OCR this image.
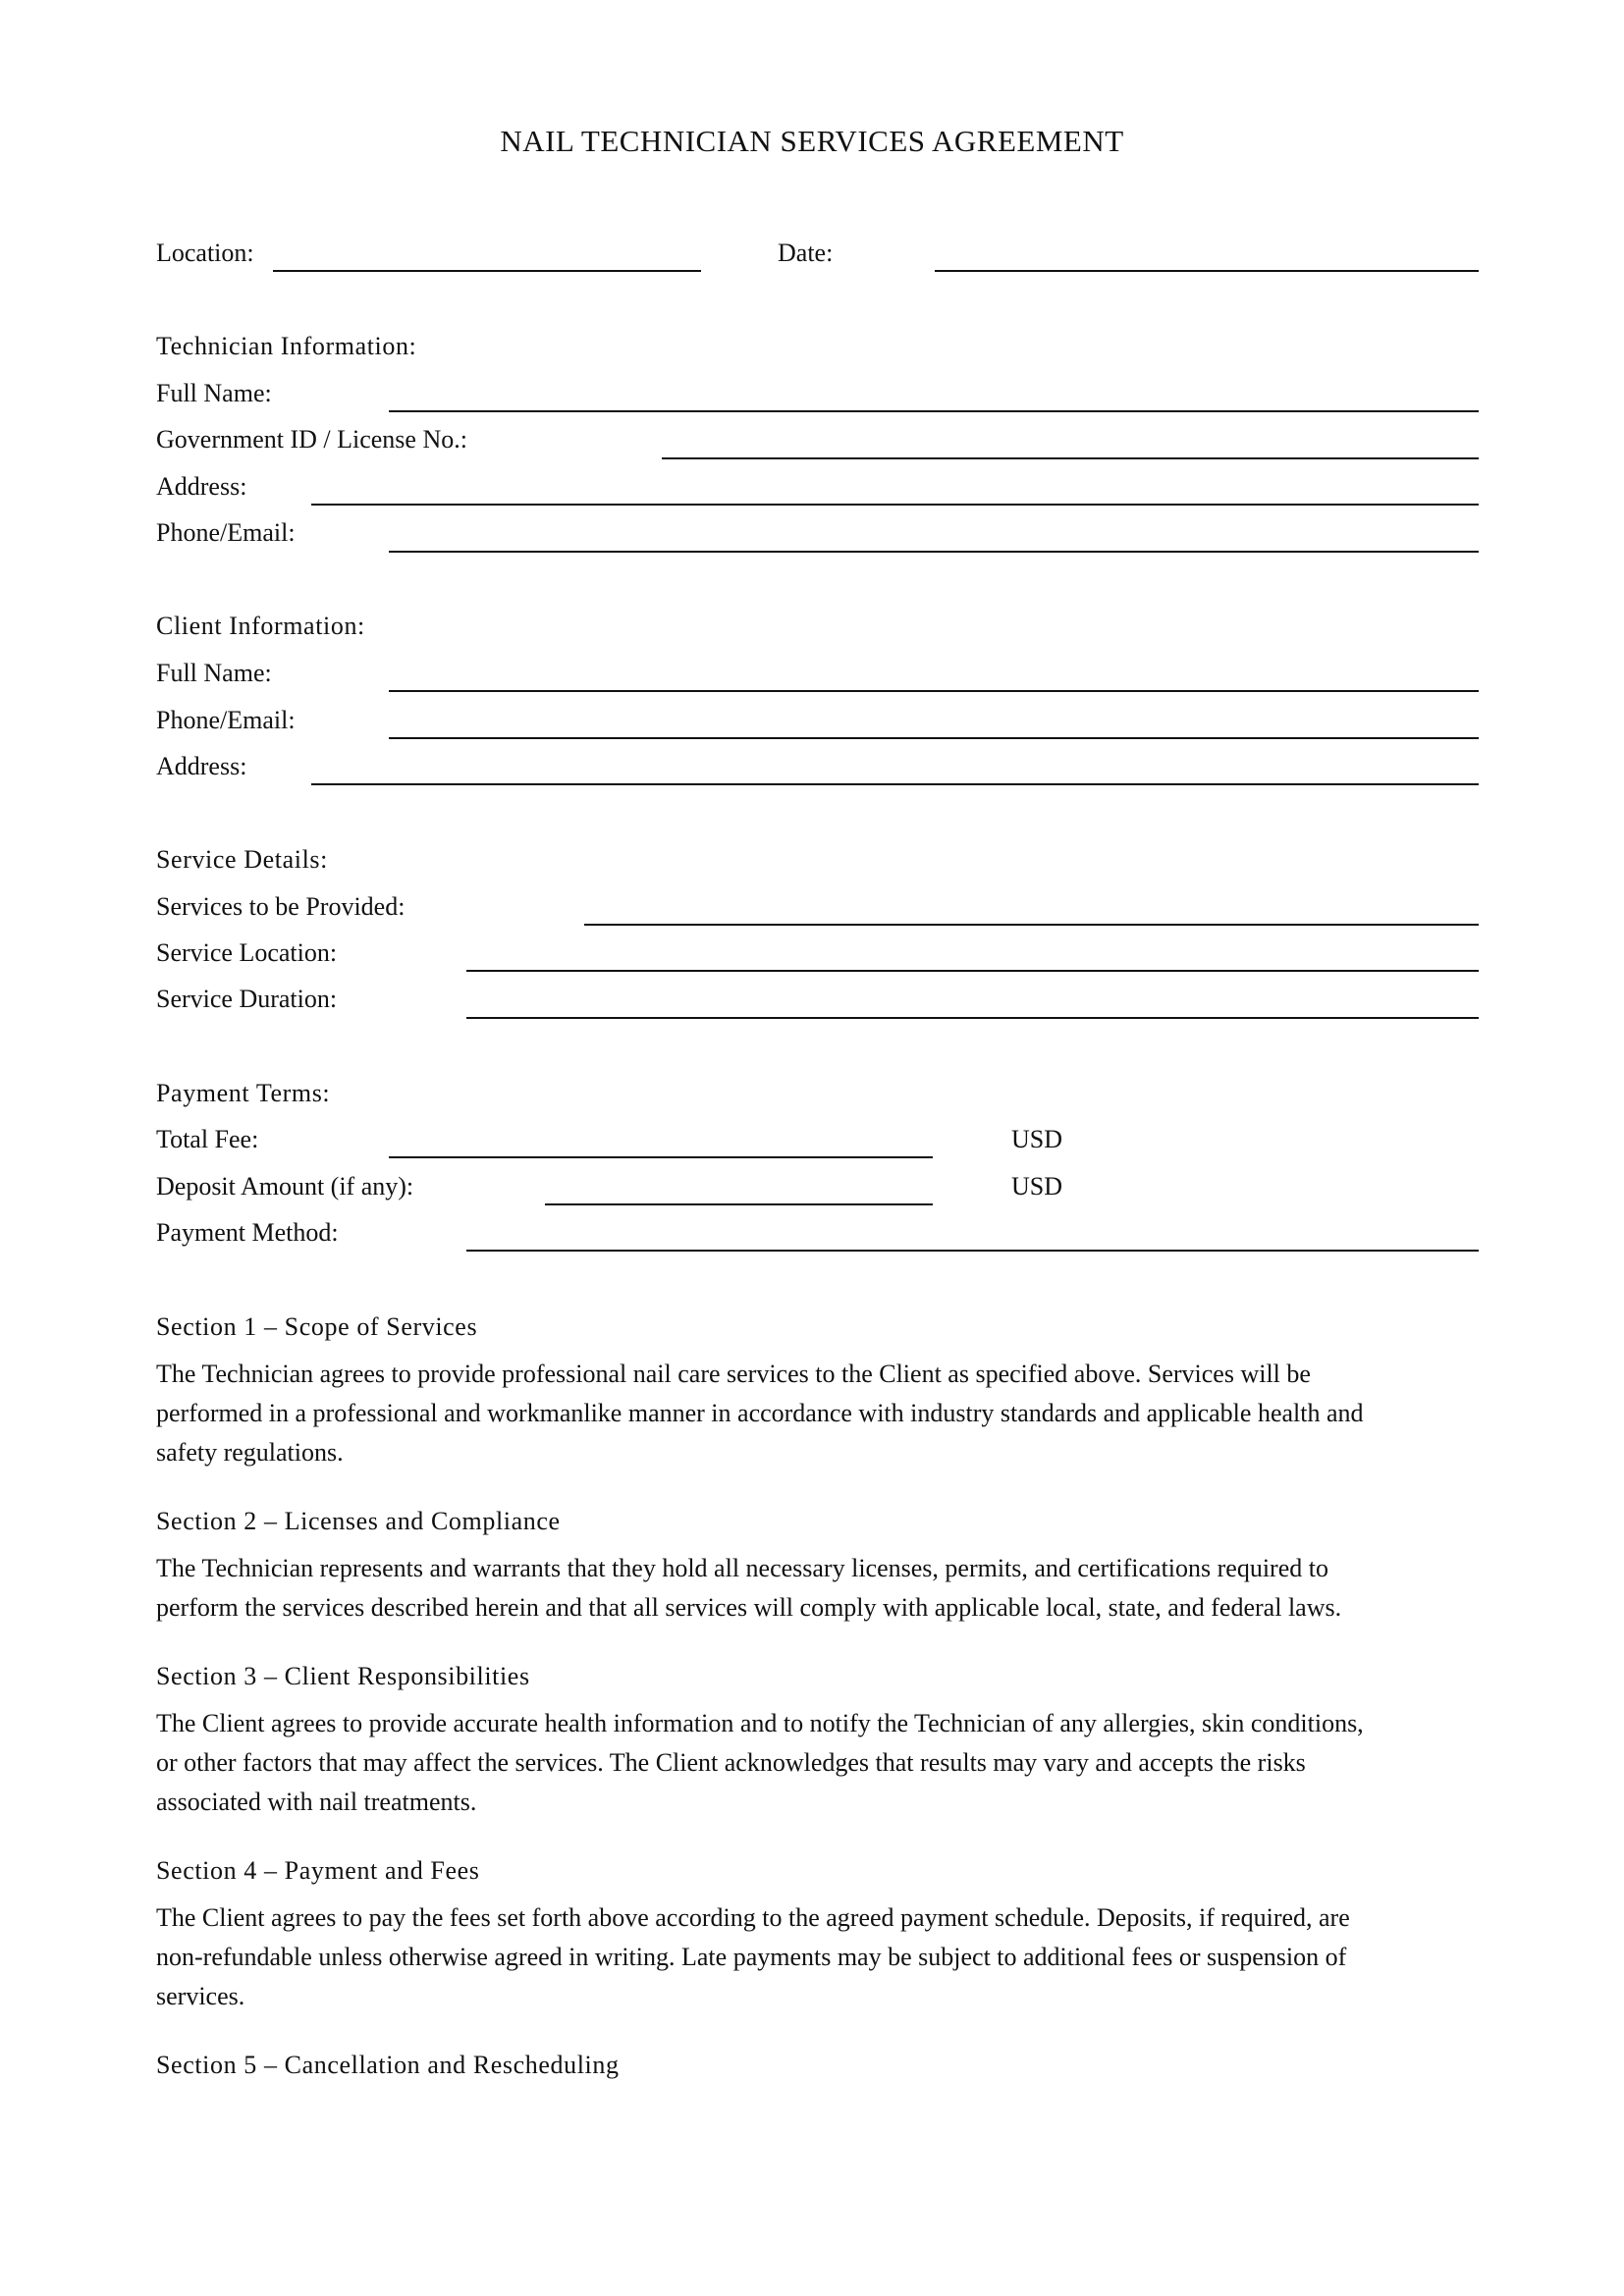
NAIL TECHNICIAN SERVICES AGREEMENT
Location:	Date:
Technician Information:
Full Name:
Government ID / License No.:
Address:
Phone/Email:
Client Information:
Full Name:
Phone/Email:
Address:
Service Details:
Services to be Provided:
Service Location:
Service Duration:
Payment Terms:
Total Fee:	USD
Deposit Amount (if any):	USD
Payment Method:
Section 1 – Scope of Services
The Technician agrees to provide professional nail care services to the Client as specified above. Services will be
performed in a professional and workmanlike manner in accordance with industry standards and applicable health and
safety regulations.
Section 2 – Licenses and Compliance
The Technician represents and warrants that they hold all necessary licenses, permits, and certifications required to
perform the services described herein and that all services will comply with applicable local, state, and federal laws.
Section 3 – Client Responsibilities
The Client agrees to provide accurate health information and to notify the Technician of any allergies, skin conditions,
or other factors that may affect the services. The Client acknowledges that results may vary and accepts the risks
associated with nail treatments.
Section 4 – Payment and Fees
The Client agrees to pay the fees set forth above according to the agreed payment schedule. Deposits, if required, are
non-refundable unless otherwise agreed in writing. Late payments may be subject to additional fees or suspension of
services.
Section 5 – Cancellation and Rescheduling
